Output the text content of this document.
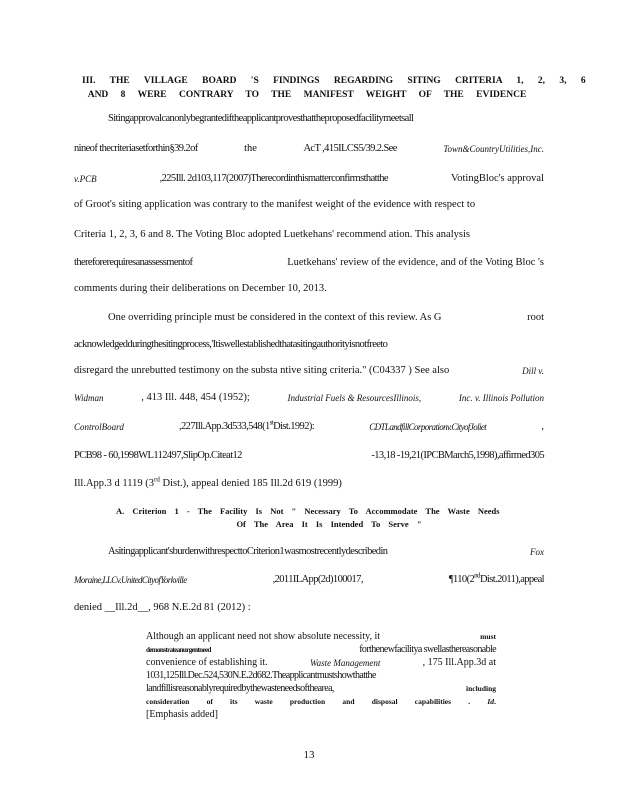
III. THE VILLAGE BOARD 'S FINDINGS REGARDING SITING CRITERIA 1, 2, 3, 6
AND 8 WERE CONTRARY TO THE MANIFEST WEIGHT OF THE EVIDENCE
Sitingapprovalcanonlybegrantediftheapplicantprovesthattheproposedfacilitymeetsall
nineof thecriteriasetforthin§39.2of	the	AcT ,415ILCS5/39.2.See	Town&CountryUtilities,Inc.
v.PCB	,225Ill. 2d103,117(2007)Therecordinthismatterconfirmsthatthe	VotingBloc's approval
of Groot's siting application was contrary to the manifest weight of the evidence with respect to
Criteria 1, 2, 3, 6 and 8. The Voting Bloc adopted Luetkehans' recommend ation. This analysis
thereforerequiresanassessmentof	Luetkehans' review of the evidence, and of the Voting Bloc 's
comments during their deliberations on December 10, 2013.
One overriding principle must be considered in the context of this review. As G	root
acknowledgedduringthesitingprocess,'Itiswellestablishedthatasitingauthorityisnotfreeto
disregard the unrebutted testimony on the substa ntive siting criteria." (C04337 ) See also	Dill v.
Widman	, 413 Ill. 448, 454 (1952);	Industrial Fuels & ResourcesIllinois,	Inc. v. Illinois Pollution
ControlBoard	,227Ill.App.3d533,548(1stDist.1992):	CDTLandfillCorporationv.CityofJoliet	,
PCB98 - 60,1998WL112497,SlipOp.Citeat12	-13,18 -19,21(IPCBMarch5,1998),affirmed305
Ill.App.3 d 1119 (3rd Dist.), appeal denied 185 Ill.2d 619 (1999)
A. Criterion 1 - The Facility Is Not " Necessary To Accommodate The Waste Needs
Of The Area It Is Intended To Serve "
Asitingapplicant'sburdenwithrespecttoCriterion1wasmostrecentlydescribedin	Fox
Moraine,LLCv.UnitedCityofYorkville	,2011ILApp(2d)100017,	¶110(2ndDist.2011),appeal
denied __Ill.2d__, 968 N.E.2d 81 (2012) :
Although an applicant need not show absolute necessity, it	must
demonstrateanurgentneed	forthenewfacilitya swellasthereasonable
convenience of establishing it.	Waste Management	, 175 Ill.App.3d at
1031,125Ill.Dec.524,530N.E.2d682.Theapplicantmustshowthatthe
landfillisreasonablyrequiredbythewasteneedsofthearea,	including
consideration of its waste production and disposal capabilities . Id.
[Emphasis added]
13
